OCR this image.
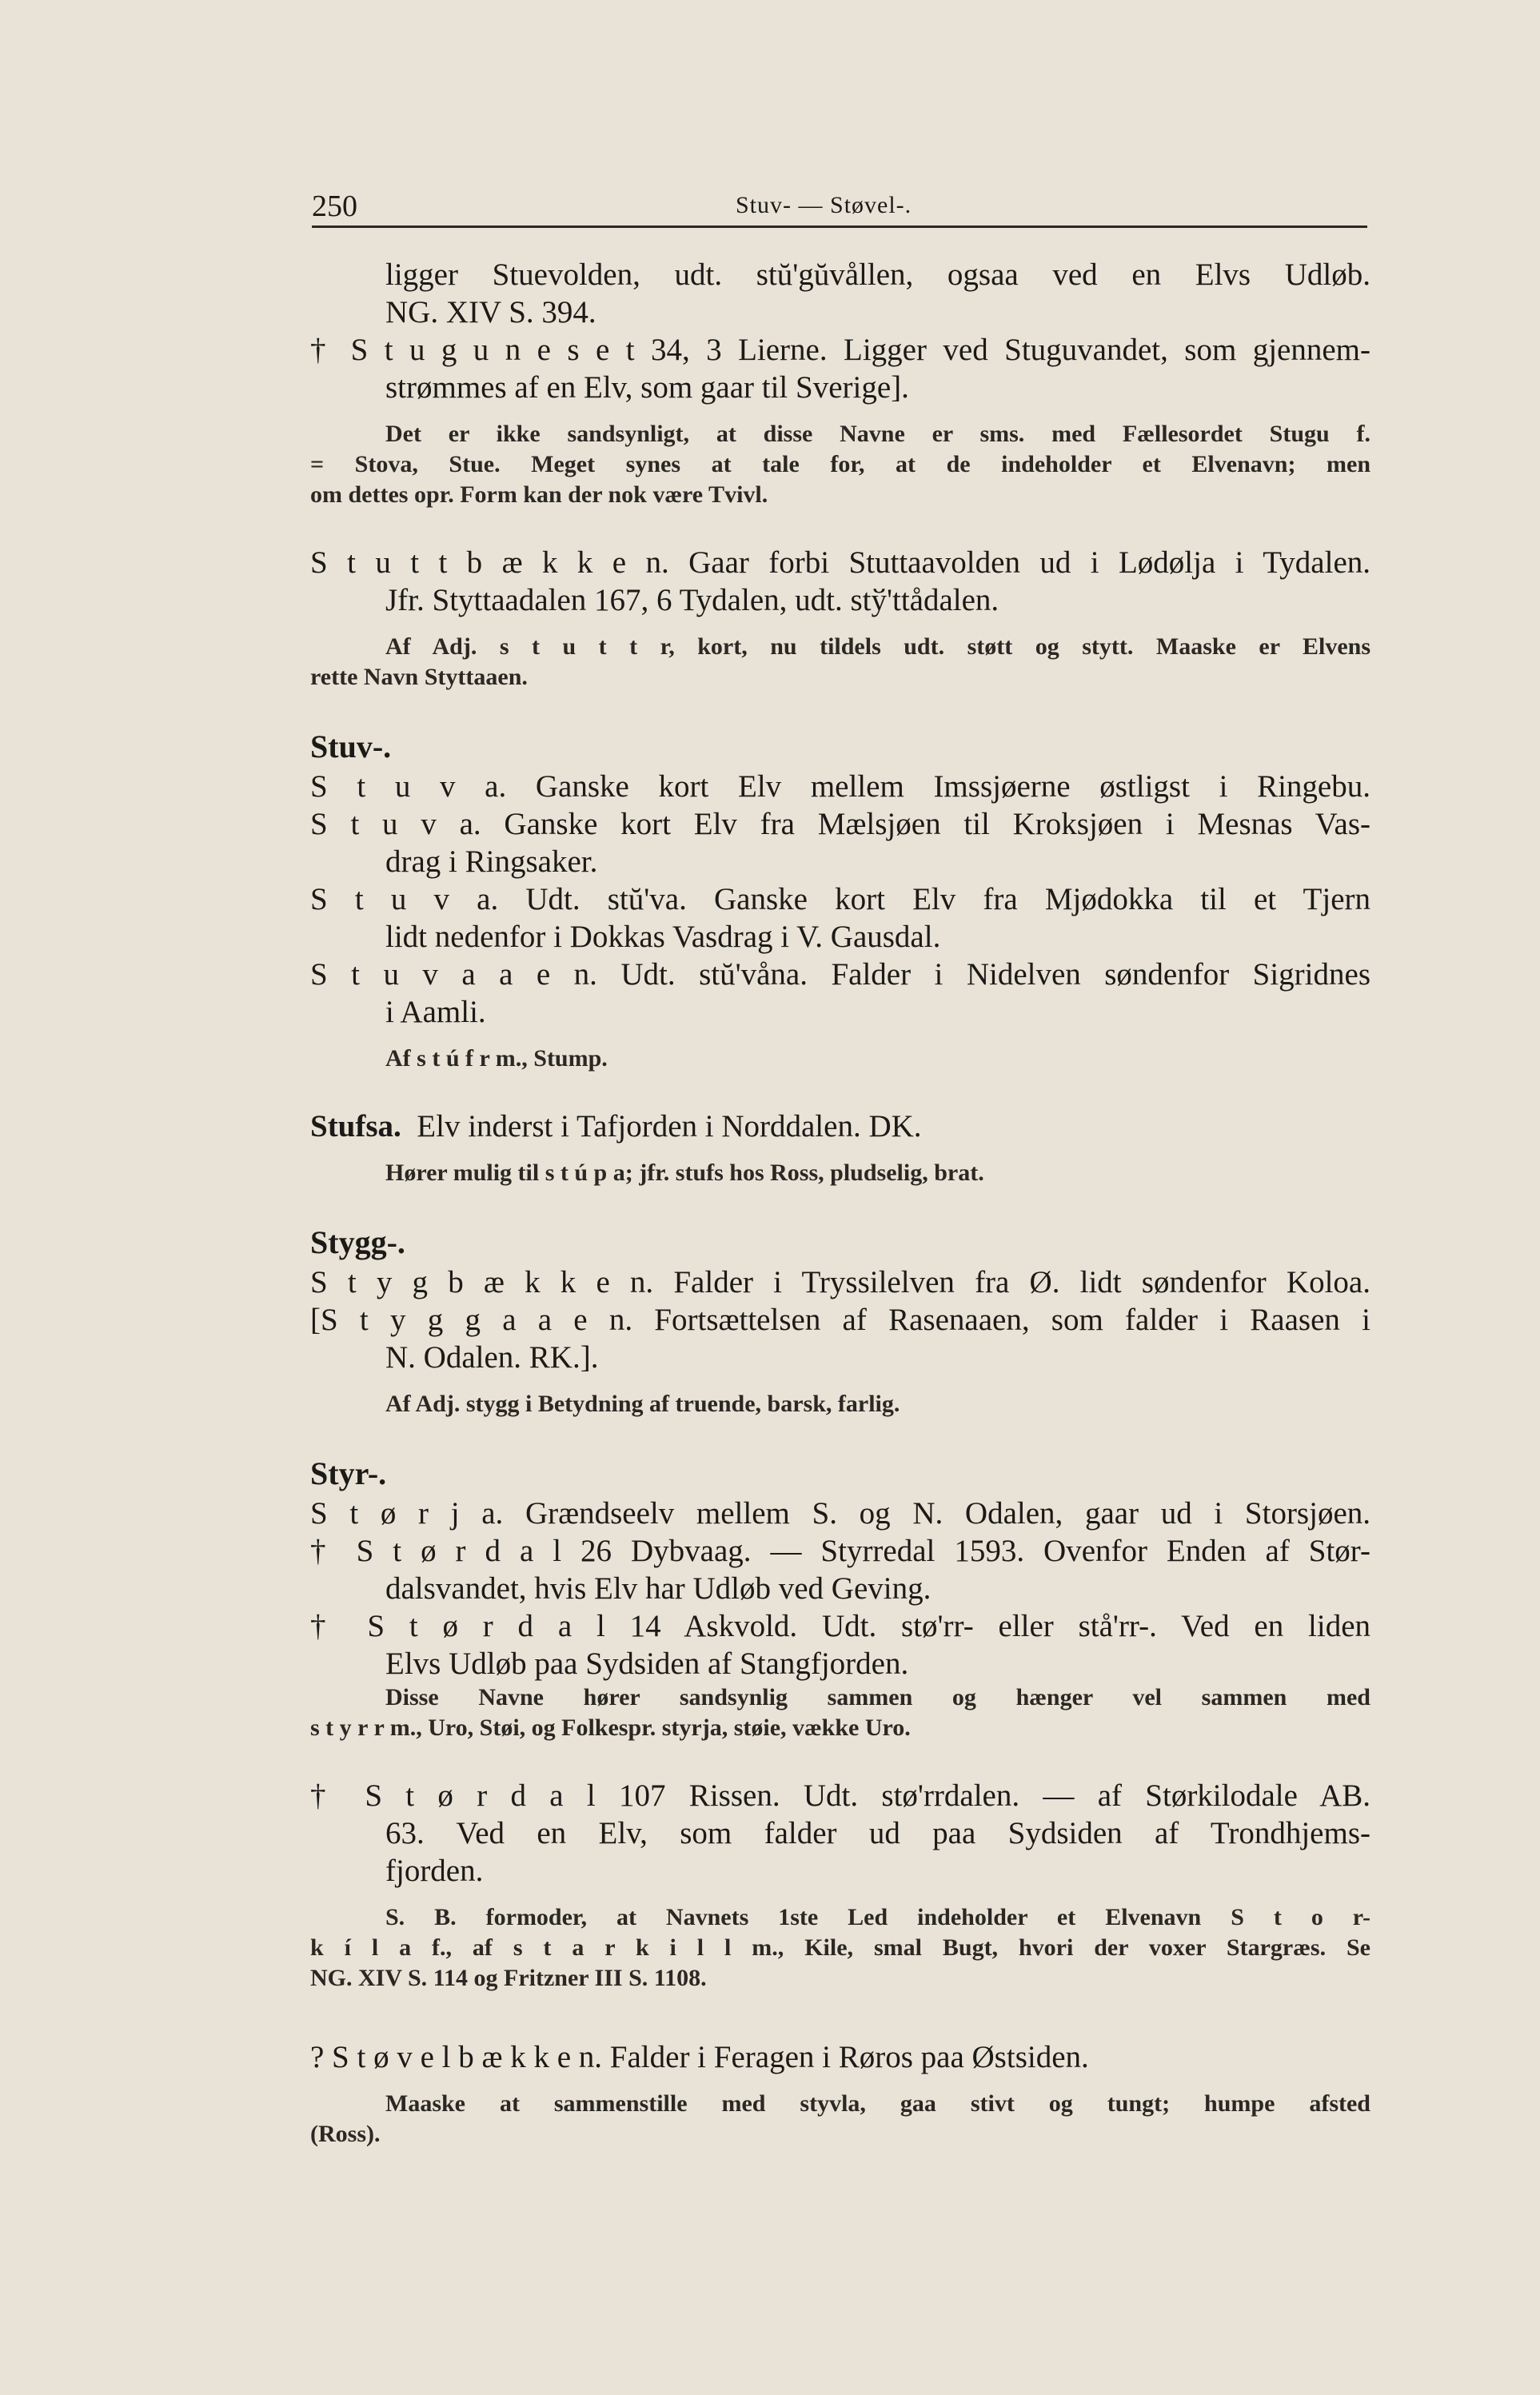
250	Stuv- — Støvel-.

ligger Stuevolden, udt. stŭ'gŭvållen, ogsaa ved en Elvs Udløb.

NG. XIV S. 394.

† S t u g u n e s e t 34, 3 Lierne. Ligger ved Stuguvandet, som gjennem-

strømmes af en Elv, som gaar til Sverige].

Det er ikke sandsynligt, at disse Navne er sms. med Fællesordet Stugu f.

= Stova, Stue. Meget synes at tale for, at de indeholder et Elvenavn; men

om dettes opr. Form kan der nok være Tvivl.

S t u t t b æ k k e n. Gaar forbi Stuttaavolden ud i Lødølja i Tydalen.

Jfr. Styttaadalen 167, 6 Tydalen, udt. stў'ttådalen.

Af Adj. s t u t t r, kort, nu tildels udt. støtt og stytt. Maaske er Elvens

rette Navn Styttaaen.

Stuv-.

S t u v a. Ganske kort Elv mellem Imssjøerne østligst i Ringebu.

S t u v a. Ganske kort Elv fra Mælsjøen til Kroksjøen i Mesnas Vas-

drag i Ringsaker.

S t u v a. Udt. stŭ'va. Ganske kort Elv fra Mjødokka til et Tjern

lidt nedenfor i Dokkas Vasdrag i V. Gausdal.

S t u v a a e n. Udt. stŭ'våna. Falder i Nidelven søndenfor Sigridnes

i Aamli.

Af s t ú f r m., Stump.

Stufsa. Elv inderst i Tafjorden i Norddalen. DK.

Hører mulig til s t ú p a; jfr. stufs hos Ross, pludselig, brat.

Stygg-.

S t y g b æ k k e n. Falder i Tryssilelven fra Ø. lidt søndenfor Koloa.

[S t y g g a a e n. Fortsættelsen af Rasenaaen, som falder i Raasen i

N. Odalen. RK.].

Af Adj. stygg i Betydning af truende, barsk, farlig.

Styr-.

S t ø r j a. Grændseelv mellem S. og N. Odalen, gaar ud i Storsjøen.

† S t ø r d a l 26 Dybvaag. — Styrredal 1593. Ovenfor Enden af Stør-

dalsvandet, hvis Elv har Udløb ved Geving.

† S t ø r d a l 14 Askvold. Udt. stø'rr- eller stå'rr-. Ved en liden

Elvs Udløb paa Sydsiden af Stangfjorden.

Disse Navne hører sandsynlig sammen og hænger vel sammen med

s t y r r m., Uro, Støi, og Folkespr. styrja, støie, vække Uro.

† S t ø r d a l 107 Rissen. Udt. stø'rrdalen. — af Størkilodale AB.

63. Ved en Elv, som falder ud paa Sydsiden af Trondhjems-

fjorden.

S. B. formoder, at Navnets 1ste Led indeholder et Elvenavn S t o r-

k í l a f., af s t a r k i l l m., Kile, smal Bugt, hvori der voxer Stargræs. Se

NG. XIV S. 114 og Fritzner III S. 1108.

? S t ø v e l b æ k k e n. Falder i Feragen i Røros paa Østsiden.

Maaske at sammenstille med styvla, gaa stivt og tungt; humpe afsted

(Ross).
